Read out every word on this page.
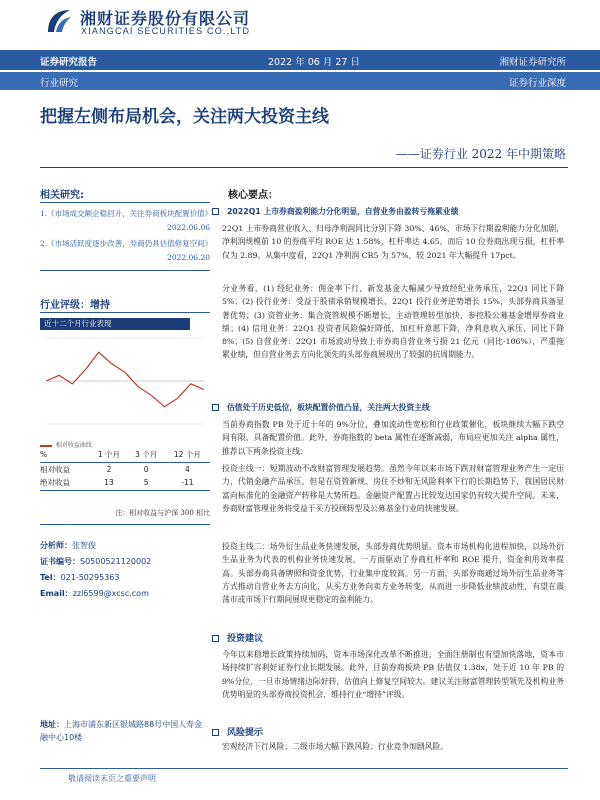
湘财证券股份有限公司
XIANGCAI SECURITIES CO.,LTD
证券研究报告	2022 年 06 月 27 日	湘财证券研究所
行业研究	证券行业深度
把握左侧布局机会，关注两大投资主线
——证券行业 2022 年中期策略
相关研究:
1.《市场成交额企稳回升，关注券商板块配置价值》
2022.06.06
2.《市场活跃度逐步改善，券商仍具估值修复空间》
2022.06.20
行业评级：增持
近十二个月行业表现
相对收益曲线
%	1 个月	3 个月	12 个月
相对收益	2	0	4
绝对收益	13	5	-11
注：相对收益与沪深 300 相比
分析师：张智俊
证书编号：S0500521120002
Tel：021-50295363
Email：zzl6599@xcsc.com
地址：上海市浦东新区银城路88号中国人寿金融中心10楼
核心要点：
2022Q1 上市券商盈利能力分化明显，自营业务由盈转亏拖累业绩
22Q1 上市券商营业收入、归母净利润同比分别下降 30%、46%，市场下行期盈利能力分化加剧，净利润规模前 10 的券商平均 ROE 达 1.58%，杠杆率达 4.65，而后 10 位券商出现亏损，杠杆率仅为 2.89。从集中度看，22Q1 净利润 CR5 为 57%，较 2021 年大幅提升 17pct。
分业务看，(1) 经纪业务：佣金率下行、新发基金大幅减少导致经纪业务承压，22Q1 同比下降 5%；(2) 投行业务：受益于股债承销规模增长，22Q1 投行业务逆势增长 15%，头部券商具备显著优势；(3) 资管业务：集合资管规模不断增长，主动管理转型加快，参控股公募基金增厚券商业绩；(4) 信用业务：22Q1 投资者风险偏好降低，加杠杆意愿下降，净利息收入承压，同比下降 8%；(5) 自营业务：22Q1 市场波动导致上市券商自营业务亏损 21 亿元（同比-106%），严重拖累业绩，但自营业务去方向化领先的头部券商展现出了较强的抗周期能力。
估值处于历史低位，板块配置价值凸显，关注两大投资主线
当前券商指数 PB 处于近十年的 9%分位，叠加流动性宽松和行业政策催化，板块继续大幅下跌空间有限，具备配置价值。此外，券商指数的 beta 属性在逐渐减弱，布局应更加关注 alpha 属性，推荐以下两条投资主线：
投资主线一：短期波动不改财富管理发展趋势。虽然今年以来市场下跌对财富管理业务产生一定压力，代销金融产品承压，但是在资管新规、房住不炒和无风险利率下行的长期趋势下，我国居民财富向标准化的金融资产转移是大势所趋。金融资产配置占比较发达国家仍有较大提升空间。未来，券商财富管理业务将受益于买方投顾转型及公募基金行业的快速发展。
投资主线二：场外衍生品业务快速发展，头部券商优势明显。资本市场机构化进程加快，以场外衍生品业务为代表的机构业务快速发展，一方面驱动了券商杠杆率和 ROE 提升，资金利用效率提高。头部券商具备牌照和资金优势，行业集中度较高。另一方面，头部券商通过场外衍生品业务等方式推动自营业务去方向化，从买方业务向卖方业务转变，从而进一步降低业绩波动性，有望在震荡市或市场下行期间展现更稳定的盈利能力。
投资建议
今年以来稳增长政策持续加码，资本市场深化改革不断推进，全面注册制也有望加快落地，资本市场持续扩容利好证券行业长期发展。此外，目前券商板块 PB 估值仅 1.38x，处于近 10 年 PB 的 9%分位，一旦市场情绪边际好转，估值向上修复空间较大。建议关注财富管理转型领先及机构业务优势明显的头部券商投资机会，维持行业“增持”评级。
风险提示
宏观经济下行风险；二级市场大幅下跌风险；行业竞争加剧风险。
敬请阅读末页之重要声明
